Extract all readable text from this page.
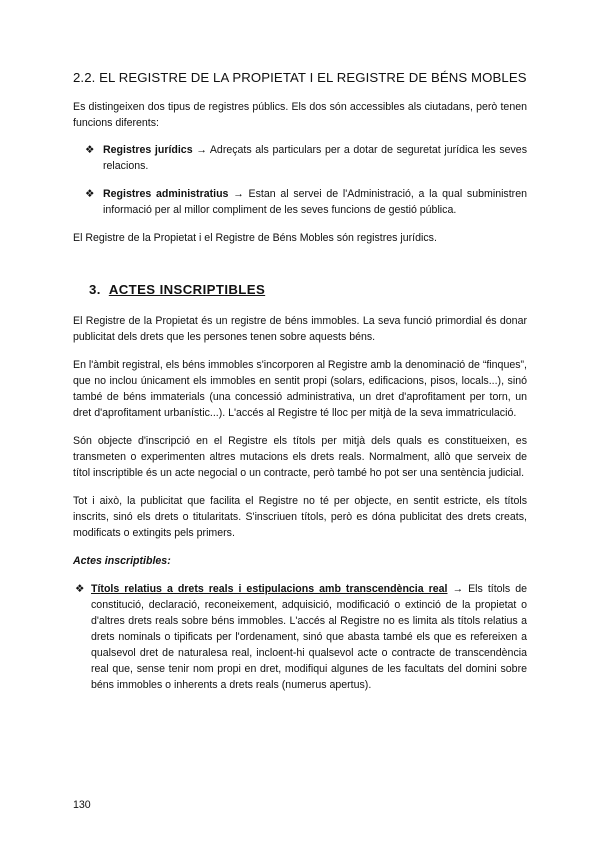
2.2. EL REGISTRE DE LA PROPIETAT I EL REGISTRE DE BÉNS MOBLES

Es distingeixen dos tipus de registres públics. Els dos són accessibles als ciutadans, però tenen funcions diferents:

❖ Registres jurídics → Adreçats als particulars per a dotar de seguretat jurídica les seves relacions.

❖ Registres administratius → Estan al servei de l'Administració, a la qual subministren informació per al millor compliment de les seves funcions de gestió pública.

El Registre de la Propietat i el Registre de Béns Mobles són registres jurídics.

3. ACTES INSCRIPTIBLES

El Registre de la Propietat és un registre de béns immobles. La seva funció primordial és donar publicitat dels drets que les persones tenen sobre aquests béns.

En l'àmbit registral, els béns immobles s'incorporen al Registre amb la denominació de “finques”, que no inclou únicament els immobles en sentit propi (solars, edificacions, pisos, locals...), sinó també de béns immaterials (una concessió administrativa, un dret d'aprofitament per torn, un dret d'aprofitament urbanístic...). L'accés al Registre té lloc per mitjà de la seva immatriculació.

Són objecte d'inscripció en el Registre els títols per mitjà dels quals es constitueixen, es transmeten o experimenten altres mutacions els drets reals. Normalment, allò que serveix de títol inscriptible és un acte negocial o un contracte, però també ho pot ser una sentència judicial.

Tot i això, la publicitat que facilita el Registre no té per objecte, en sentit estricte, els títols inscrits, sinó els drets o titularitats. S'inscriuen títols, però es dóna publicitat des drets creats, modificats o extingits pels primers.

Actes inscriptibles:
❖ Títols relatius a drets reals i estipulacions amb transcendència real → Els títols de constitució, declaració, reconeixement, adquisició, modificació o extinció de la propietat o d'altres drets reals sobre béns immobles. L'accés al Registre no es limita als títols relatius a drets nominals o tipificats per l'ordenament, sinó que abasta també els que es refereixen a qualsevol dret de naturalesa real, incloent-hi qualsevol acte o contracte de transcendència real que, sense tenir nom propi en dret, modifiqui algunes de les facultats del domini sobre béns immobles o inherents a drets reals (numerus apertus).

130
